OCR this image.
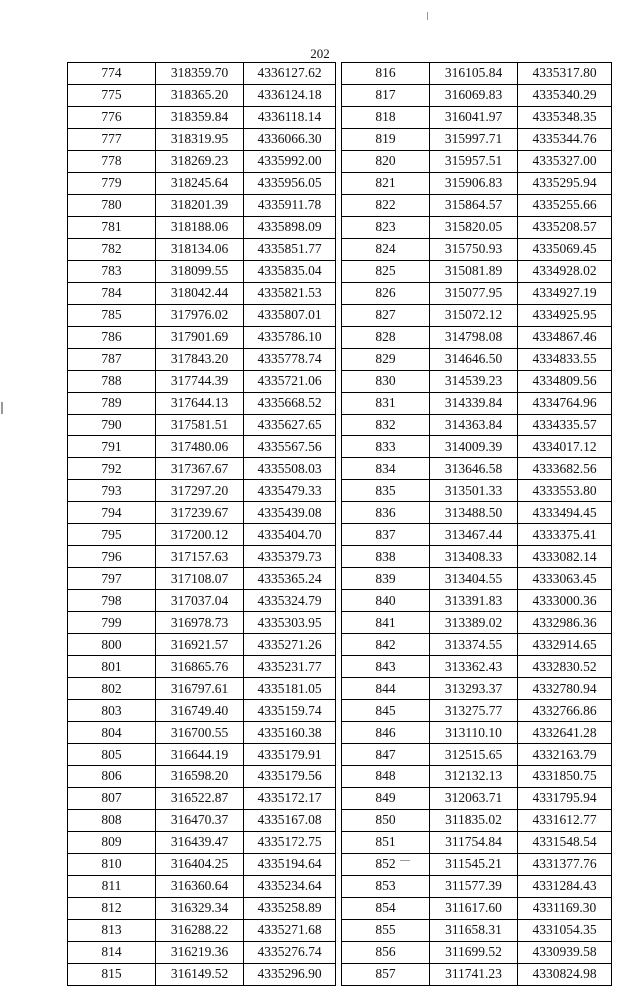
202
774	318359.70	4336127.62
775	318365.20	4336124.18
776	318359.84	4336118.14
777	318319.95	4336066.30
778	318269.23	4335992.00
779	318245.64	4335956.05
780	318201.39	4335911.78
781	318188.06	4335898.09
782	318134.06	4335851.77
783	318099.55	4335835.04
784	318042.44	4335821.53
785	317976.02	4335807.01
786	317901.69	4335786.10
787	317843.20	4335778.74
788	317744.39	4335721.06
789	317644.13	4335668.52
790	317581.51	4335627.65
791	317480.06	4335567.56
792	317367.67	4335508.03
793	317297.20	4335479.33
794	317239.67	4335439.08
795	317200.12	4335404.70
796	317157.63	4335379.73
797	317108.07	4335365.24
798	317037.04	4335324.79
799	316978.73	4335303.95
800	316921.57	4335271.26
801	316865.76	4335231.77
802	316797.61	4335181.05
803	316749.40	4335159.74
804	316700.55	4335160.38
805	316644.19	4335179.91
806	316598.20	4335179.56
807	316522.87	4335172.17
808	316470.37	4335167.08
809	316439.47	4335172.75
810	316404.25	4335194.64
811	316360.64	4335234.64
812	316329.34	4335258.89
813	316288.22	4335271.68
814	316219.36	4335276.74
815	316149.52	4335296.90
816	316105.84	4335317.80
817	316069.83	4335340.29
818	316041.97	4335348.35
819	315997.71	4335344.76
820	315957.51	4335327.00
821	315906.83	4335295.94
822	315864.57	4335255.66
823	315820.05	4335208.57
824	315750.93	4335069.45
825	315081.89	4334928.02
826	315077.95	4334927.19
827	315072.12	4334925.95
828	314798.08	4334867.46
829	314646.50	4334833.55
830	314539.23	4334809.56
831	314339.84	4334764.96
832	314363.84	4334335.57
833	314009.39	4334017.12
834	313646.58	4333682.56
835	313501.33	4333553.80
836	313488.50	4333494.45
837	313467.44	4333375.41
838	313408.33	4333082.14
839	313404.55	4333063.45
840	313391.83	4333000.36
841	313389.02	4332986.36
842	313374.55	4332914.65
843	313362.43	4332830.52
844	313293.37	4332780.94
845	313275.77	4332766.86
846	313110.10	4332641.28
847	312515.65	4332163.79
848	312132.13	4331850.75
849	312063.71	4331795.94
850	311835.02	4331612.77
851	311754.84	4331548.54
852	311545.21	4331377.76
853	311577.39	4331284.43
854	311617.60	4331169.30
855	311658.31	4331054.35
856	311699.52	4330939.58
857	311741.23	4330824.98
